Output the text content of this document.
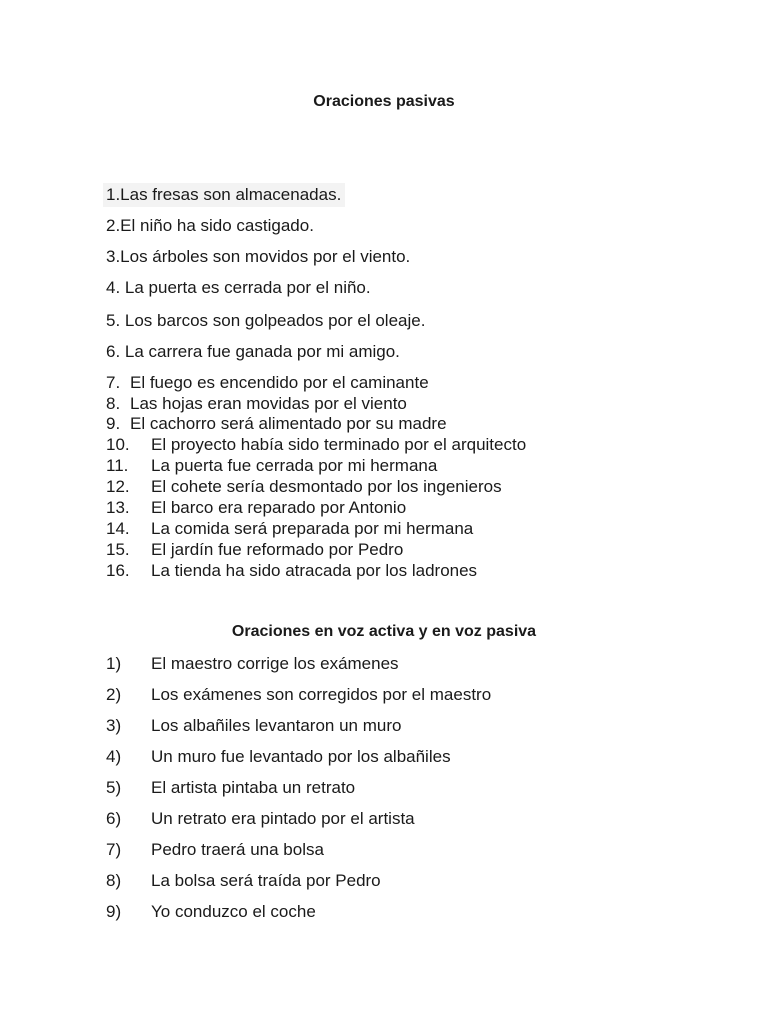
Oraciones pasivas
1.Las fresas son almacenadas.
2.El niño ha sido castigado.
3.Los árboles son movidos por el viento.
4. La puerta es cerrada por el niño.
5. Los barcos son golpeados por el oleaje.
6. La carrera fue ganada por mi amigo.
7. El fuego es encendido por el caminante
8. Las hojas eran movidas por el viento
9. El cachorro será alimentado por su madre
10. El proyecto había sido terminado por el arquitecto
11. La puerta fue cerrada por mi hermana
12. El cohete sería desmontado por los ingenieros
13. El barco era reparado por Antonio
14. La comida será preparada por mi hermana
15. El jardín fue reformado por Pedro
16. La tienda ha sido atracada por los ladrones
Oraciones en voz activa y en voz pasiva
1) El maestro corrige los exámenes
2) Los exámenes son corregidos por el maestro
3) Los albañiles levantaron un muro
4) Un muro fue levantado por los albañiles
5) El artista pintaba un retrato
6) Un retrato era pintado por el artista
7) Pedro traerá una bolsa
8) La bolsa será traída por Pedro
9) Yo conduzco el coche
